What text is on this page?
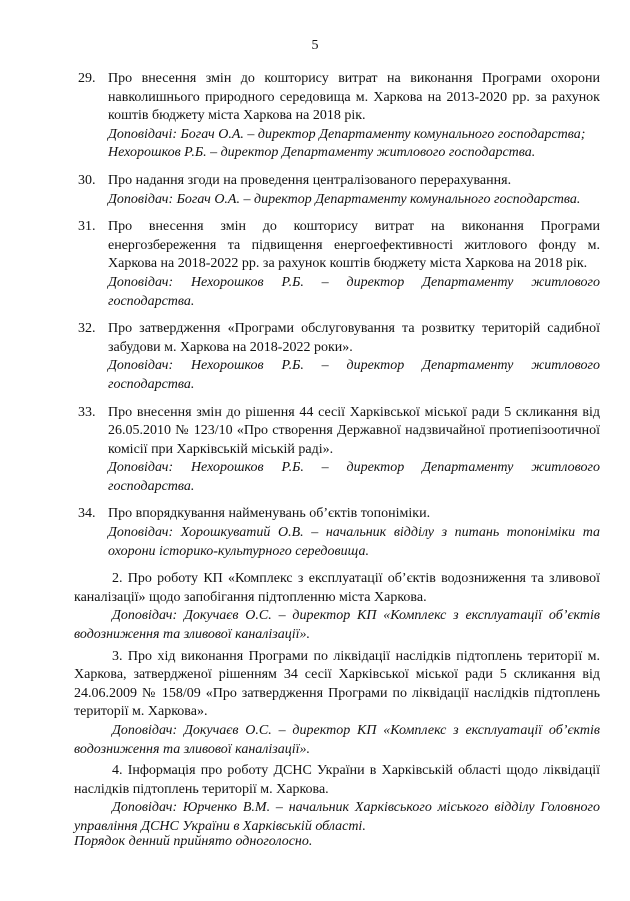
5
29. Про внесення змін до кошторису витрат на виконання Програми охорони навколишнього природного середовища м. Харкова на 2013-2020 рр. за рахунок коштів бюджету міста Харкова на 2018 рік.
Доповідачі: Богач О.А. – директор Департаменту комунального господарства;
Нехорошков Р.Б. – директор Департаменту житлового господарства.
30. Про надання згоди на проведення централізованого перерахування.
Доповідач: Богач О.А. – директор Департаменту комунального господарства.
31. Про внесення змін до кошторису витрат на виконання Програми енергозбереження та підвищення енергоефективності житлового фонду м. Харкова на 2018-2022 рр. за рахунок коштів бюджету міста Харкова на 2018 рік.
Доповідач: Нехорошков Р.Б. – директор Департаменту житлового господарства.
32. Про затвердження «Програми обслуговування та розвитку територій садибної забудови м. Харкова на 2018-2022 роки».
Доповідач: Нехорошков Р.Б. – директор Департаменту житлового господарства.
33. Про внесення змін до рішення 44 сесії Харківської міської ради 5 скликання від 26.05.2010 № 123/10 «Про створення Державної надзвичайної протиепізоотичної комісії при Харківській міській раді».
Доповідач: Нехорошков Р.Б. – директор Департаменту житлового господарства.
34. Про впорядкування найменувань об’єктів топоніміки.
Доповідач: Хорошкуватий О.В. – начальник відділу з питань топоніміки та охорони історико-культурного середовища.

2. Про роботу КП «Комплекс з експлуатації об’єктів водозниження та зливової каналізації» щодо запобігання підтопленню міста Харкова.

Доповідач: Докучаєв О.С. – директор КП «Комплекс з експлуатації об’єктів водозниження та зливової каналізації».

3. Про хід виконання Програми по ліквідації наслідків підтоплень території м. Харкова, затвердженої рішенням 34 сесії Харківської міської ради 5 скликання від 24.06.2009 № 158/09 «Про затвердження Програми по ліквідації наслідків підтоплень території м. Харкова».

Доповідач: Докучаєв О.С. – директор КП «Комплекс з експлуатації об’єктів водозниження та зливової каналізації».

4. Інформація про роботу ДСНС України в Харківській області щодо ліквідації наслідків підтоплень території м. Харкова.

Доповідач: Юрченко В.М. – начальник Харківського міського відділу Головного управління ДСНС України в Харківській області.

Порядок денний прийнято одноголосно.
